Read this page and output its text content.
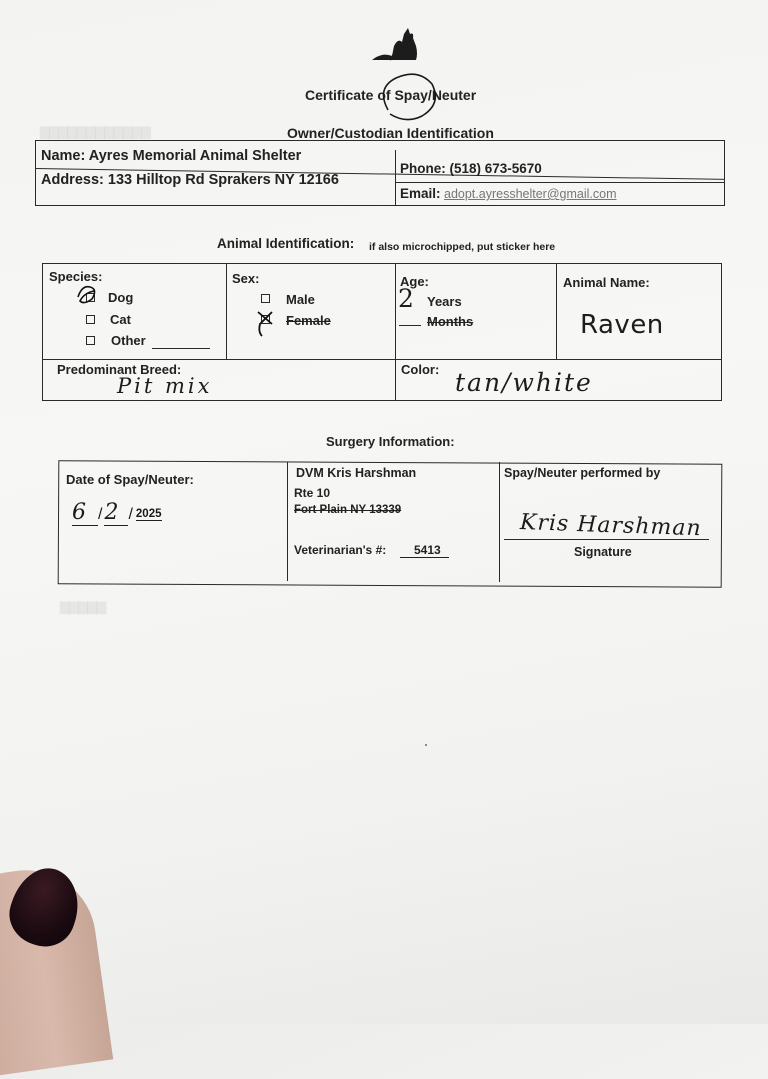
▇▇▇▇▇▇▇▇▇▇▇▇
▇▇▇▇▇
Certificate of Spay/Neuter
Owner/Custodian Identification
Name: Ayres Memorial Animal Shelter
Address: 133 Hilltop Rd Sprakers NY 12166
Phone: (518) 673-5670
Email: adopt.ayresshelter@gmail.com
Animal Identification: if also microchipped, put sticker here
Species:
Dog
Cat
Other
Sex:
Male
Female
Age:
2 Years
Months
Animal Name:
Raven
Predominant Breed:
Pit mix
Color: tan/white
Surgery Information:
Date of Spay/Neuter:
6 /2 / 2025
DVM Kris Harshman
Rte 10
Fort Plain NY 13339
Veterinarian's #:	5413
Spay/Neuter performed by
Kris Harshman
Signature
